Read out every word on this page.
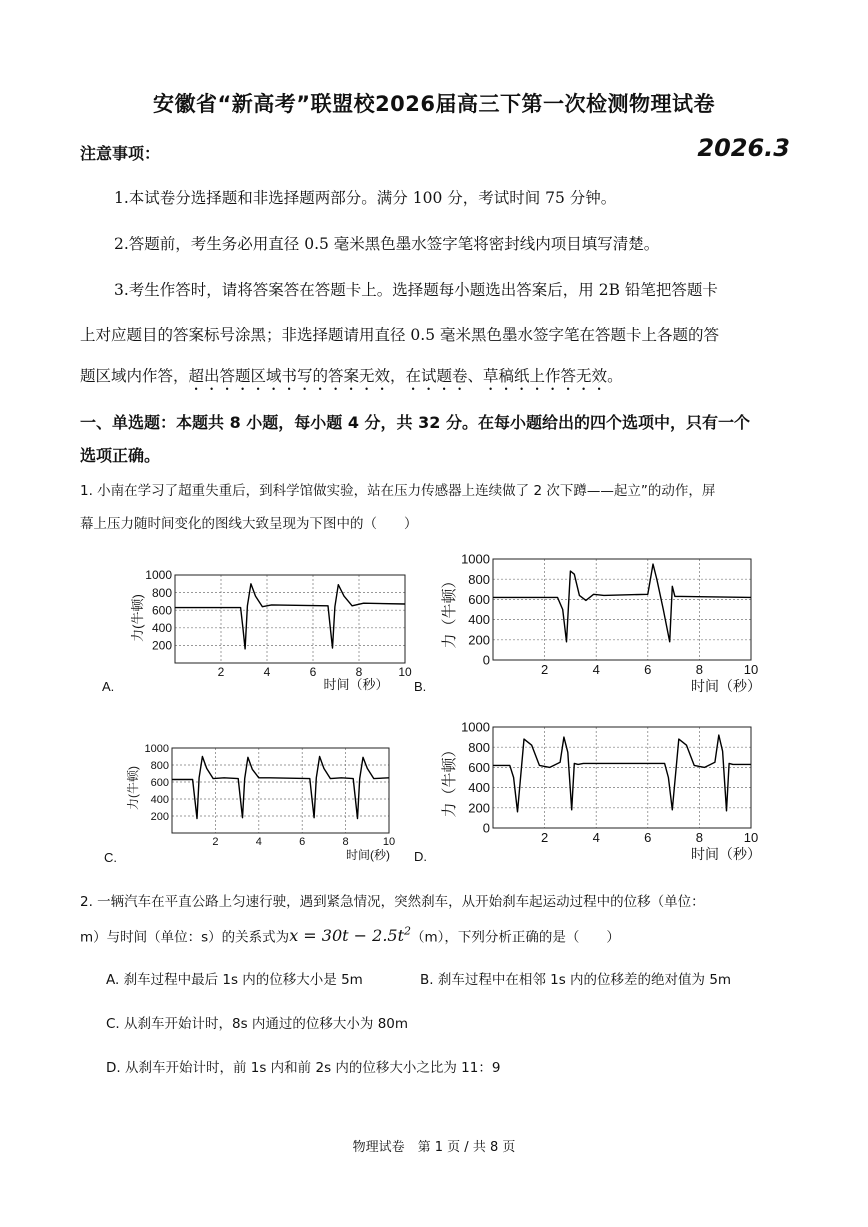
安徽省“新高考”联盟校2026届高三下第一次检测物理试卷
注意事项：	2026.3
1.本试卷分选择题和非选择题两部分。满分 100 分，考试时间 75 分钟。
2.答题前，考生务必用直径 0.5 毫米黑色墨水签字笔将密封线内项目填写清楚。
3.考生作答时，请将答案答在答题卡上。选择题每小题选出答案后，用 2B 铅笔把答题卡
上对应题目的答案标号涂黑；非选择题请用直径 0.5 毫米黑色墨水签字笔在答题卡上各题的答
题区域内作答，超出答题区域书写的答案无效，在试题卷、草稿纸上作答无效。
一、单选题：本题共 8 小题，每小题 4 分，共 32 分。在每小题给出的四个选项中，只有一个
选项正确。
1. 小南在学习了超重失重后，到科学馆做实验，站在压力传感器上连续做了 2 次下蹲——起立”的动作，屏
幕上压力随时间变化的图线大致呈现为下图中的（　　）
A.
力(牛顿)
时间（秒）
2	4	6	8	10
200
400
600
800
1000
B.
力（牛顿）
时间（秒）
2	4	6	8	10
0
200
400
600
800
1000
C.
力(牛顿)
时间(秒)
2	4	6	8	10
200
400
600
800
1000
D.
力（牛顿）
时间（秒）
2	4	6	8	10
0
200
400
600
800
1000
2. 一辆汽车在平直公路上匀速行驶，遇到紧急情况，突然刹车，从开始刹车起运动过程中的位移（单位：
m）与时间（单位：s）的关系式为$x = 30t - 2.5t^2(m)$，下列分析正确的是（　　）
A. 刹车过程中最后 1s 内的位移大小是 5m	B. 刹车过程中在相邻 1s 内的位移差的绝对值为 5m
C. 从刹车开始计时，8s 内通过的位移大小为 80m
D. 从刹车开始计时，前 1s 内和前 2s 内的位移大小之比为 11：9
物理试卷　第 1 页 / 共 8 页
